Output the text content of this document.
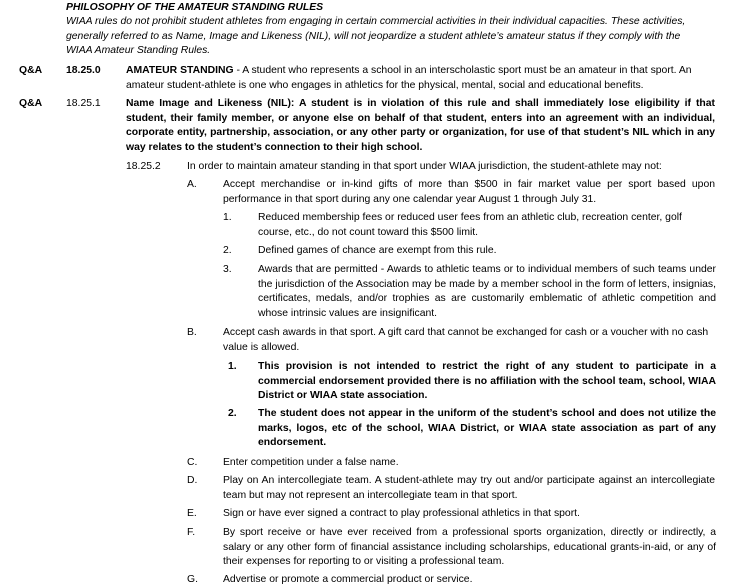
PHILOSOPHY OF THE AMATEUR STANDING RULES
WIAA rules do not prohibit student athletes from engaging in certain commercial activities in their individual capacities. These activities, generally referred to as Name, Image and Likeness (NIL), will not jeopardize a student athlete’s amateur status if they comply with the WIAA Amateur Standing Rules.
Q&A 18.25.0 AMATEUR STANDING - A student who represents a school in an interscholastic sport must be an amateur in that sport. An amateur student-athlete is one who engages in athletics for the physical, mental, social and educational benefits.
Q&A 18.25.1 Name Image and Likeness (NIL): A student is in violation of this rule and shall immediately lose eligibility if that student, their family member, or anyone else on behalf of that student, enters into an agreement with an individual, corporate entity, partnership, association, or any other party or organization, for use of that student’s NIL which in any way relates to the student’s connection to their high school.
18.25.2	In order to maintain amateur standing in that sport under WIAA jurisdiction, the student-athlete may not:
A.	Accept merchandise or in-kind gifts of more than $500 in fair market value per sport based upon performance in that sport during any one calendar year August 1 through July 31.
1.	Reduced membership fees or reduced user fees from an athletic club, recreation center, golf course, etc., do not count toward this $500 limit.
2.	Defined games of chance are exempt from this rule.
3.	Awards that are permitted - Awards to athletic teams or to individual members of such teams under the jurisdiction of the Association may be made by a member school in the form of letters, insignias, certificates, medals, and/or trophies as are customarily emblematic of athletic competition and whose intrinsic values are insignificant.
B.	Accept cash awards in that sport. A gift card that cannot be exchanged for cash or a voucher with no cash value is allowed.
1. This provision is not intended to restrict the right of any student to participate in a commercial endorsement provided there is no affiliation with the school team, school, WIAA District or WIAA state association.
2. The student does not appear in the uniform of the student’s school and does not utilize the marks, logos, etc of the school, WIAA District, or WIAA state association as part of any endorsement.
C. Enter competition under a false name.
D. Play on An intercollegiate team. A student-athlete may try out and/or participate against an intercollegiate team but may not represent an intercollegiate team in that sport.
E.	Sign or have ever signed a contract to play professional athletics in that sport.
F.	By sport receive or have ever received from a professional sports organization, directly or indirectly, a salary or any other form of financial assistance including scholarships, educational grants-in-aid, or any of their expenses for reporting to or visiting a professional team.
G. Advertise or promote a commercial product or service.
